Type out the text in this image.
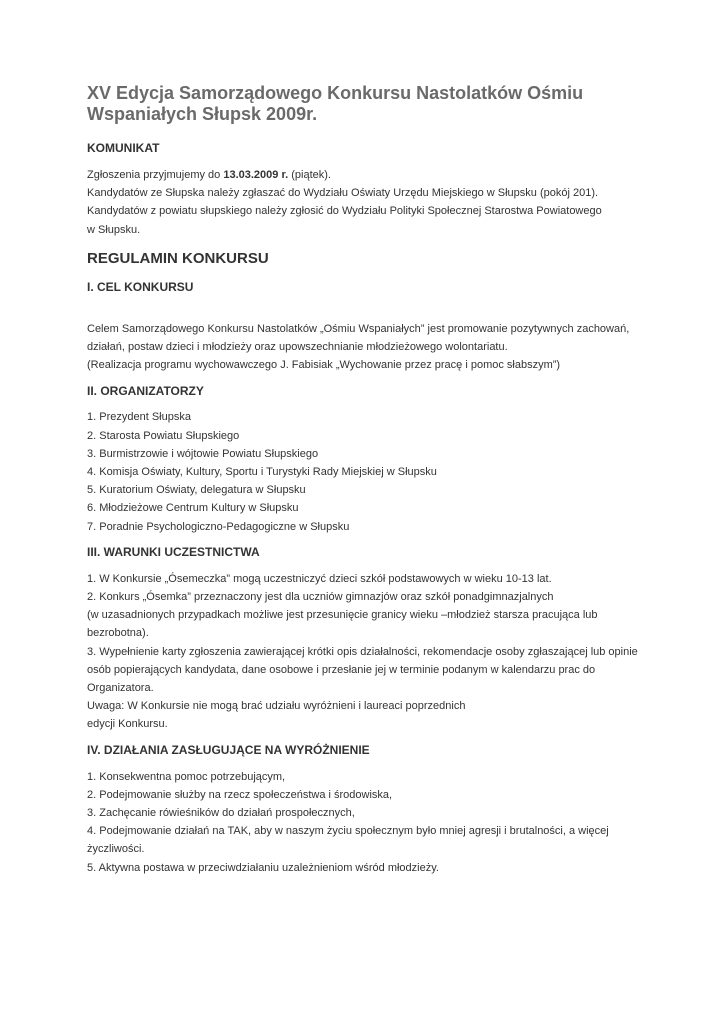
XV Edycja Samorządowego Konkursu Nastolatków Ośmiu Wspaniałych Słupsk 2009r.
KOMUNIKAT

Zgłoszenia przyjmujemy do 13.03.2009 r. (piątek).

Kandydatów ze Słupska należy zgłaszać do Wydziału Oświaty Urzędu Miejskiego w Słupsku (pokój 201).

Kandydatów z powiatu słupskiego należy zgłosić do Wydziału Polityki Społecznej Starostwa Powiatowego

w Słupsku.

REGULAMIN KONKURSU
I. CEL KONKURSU

Celem Samorządowego Konkursu Nastolatków „Ośmiu Wspaniałych” jest promowanie pozytywnych zachowań,

działań, postaw dzieci i młodzieży oraz upowszechnianie młodzieżowego wolontariatu.

(Realizacja programu wychowawczego J. Fabisiak „Wychowanie przez pracę i pomoc słabszym”)

II. ORGANIZATORZY
1. Prezydent Słupska
2. Starosta Powiatu Słupskiego
3. Burmistrzowie i wójtowie Powiatu Słupskiego
4. Komisja Oświaty, Kultury, Sportu i Turystyki Rady Miejskiej w Słupsku
5. Kuratorium Oświaty, delegatura w Słupsku
6. Młodzieżowe Centrum Kultury w Słupsku
7. Poradnie Psychologiczno-Pedagogiczne w Słupsku
III. WARUNKI UCZESTNICTWA

1. W Konkursie „Ósemeczka” mogą uczestniczyć dzieci szkół podstawowych w wieku 10-13 lat.

2. Konkurs „Ósemka” przeznaczony jest dla uczniów gimnazjów oraz szkół ponadgimnazjalnych

(w uzasadnionych przypadkach możliwe jest przesunięcie granicy wieku –młodzież starsza pracująca lub

bezrobotna).

3. Wypełnienie karty zgłoszenia zawierającej krótki opis działalności, rekomendacje osoby zgłaszającej lub opinie

osób popierających kandydata, dane osobowe i przesłanie jej w terminie podanym w kalendarzu prac do

Organizatora.

Uwaga: W Konkursie nie mogą brać udziału wyróżnieni i laureaci poprzednich

edycji Konkursu.

IV. DZIAŁANIA ZASŁUGUJĄCE NA WYRÓŻNIENIE

1. Konsekwentna pomoc potrzebującym,

2. Podejmowanie służby na rzecz społeczeństwa i środowiska,

3. Zachęcanie rówieśników do działań prospołecznych,

4. Podejmowanie działań na TAK, aby w naszym życiu społecznym było mniej agresji i brutalności, a więcej

życzliwości.

5. Aktywna postawa w przeciwdziałaniu uzależnieniom wśród młodzieży.
